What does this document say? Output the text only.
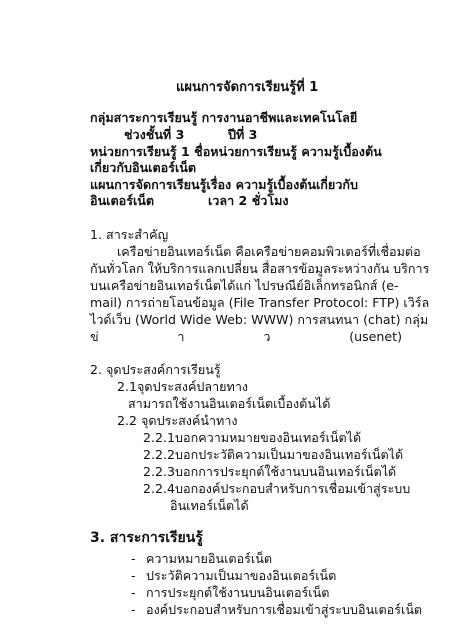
แผนการจัดการเรียนรู้ที่ 1
กลุ่มสาระการเรียนรู้ การงานอาชีพและเทคโนโลยี
ช่วงชั้นที่ 3	ปีที่ 3
หน่วยการเรียนรู้ 1 ชื่อหน่วยการเรียนรู้ ความรู้เบื้องต้น
เกี่ยวกับอินเตอร์เน็ต
แผนการจัดการเรียนรู้เรื่อง ความรู้เบื้องต้นเกี่ยวกับ
อินเตอร์เน็ต	เวลา 2 ชั่วโมง
1. สาระสำคัญ
เครือข่ายอินเทอร์เน็ต คือเครือข่ายคอมพิวเตอร์ที่เชื่อมต่อ
กันทั่วโลก ให้บริการแลกเปลี่ยน สื่อสารข้อมูลระหว่างกัน บริการ
บนเครือข่ายอินเทอร์เน็ตได้แก่ ไปรษณีย์อิเล็กทรอนิกส์ (e-
mail) การถ่ายโอนข้อมูล (File Transfer Protocol: FTP) เวิร์ล
ไวด์เว็บ (World Wide Web: WWW) การสนทนา (chat) กลุ่ม
ข่	า	ว	(usenet)
2. จุดประสงค์การเรียนรู้
2.1จุดประสงค์ปลายทาง
สามารถใช้งานอินเตอร์เน็ตเบื้องต้นได้
2.2 จุดประสงค์นำทาง
2.2.1บอกความหมายของอินเทอร์เน็ตได้
2.2.2บอกประวัติความเป็นมาของอินเทอร์เน็ตได้
2.2.3บอกการประยุกต์ใช้งานบนอินเทอร์เน็ตได้
2.2.4บอกองค์ประกอบสำหรับการเชื่อมเข้าสู่ระบบ
อินเทอร์เน็ตได้
3. สาระการเรียนรู้
- ความหมายอินเตอร์เน็ต
- ประวัติความเป็นมาของอินเตอร์เน็ต
- การประยุกต์ใช้งานบนอินเตอร์เน็ต
- องค์ประกอบสำหรับการเชื่อมเข้าสู่ระบบอินเตอร์เน็ต
